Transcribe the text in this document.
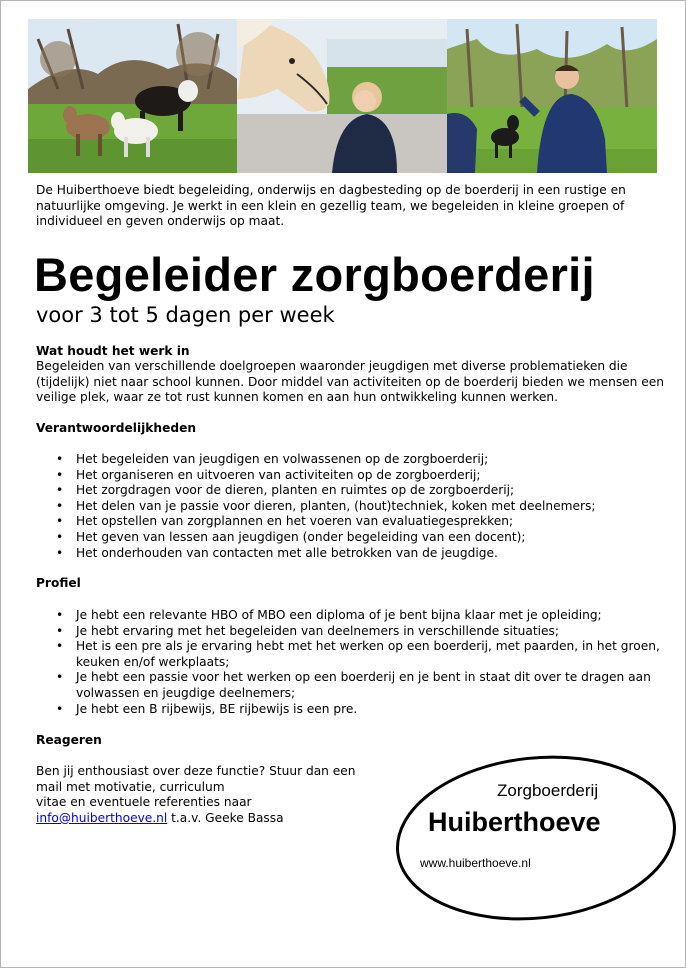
De Huiberthoeve biedt begeleiding, onderwijs en dagbesteding op de boerderij in een rustige en natuurlijke omgeving. Je werkt in een klein en gezellig team, we begeleiden in kleine groepen of individueel en geven onderwijs op maat.

Begeleider zorgboerderij
voor 3 tot 5 dagen per week
Wat houdt het werk in

Begeleiden van verschillende doelgroepen waaronder jeugdigen met diverse problematieken die (tijdelijk) niet naar school kunnen. Door middel van activiteiten op de boerderij bieden we mensen een veilige plek, waar ze tot rust kunnen komen en aan hun ontwikkeling kunnen werken.

Verantwoordelijkheden
•	Het begeleiden van jeugdigen en volwassenen op de zorgboerderij;
•	Het organiseren en uitvoeren van activiteiten op de zorgboerderij;
•	Het zorgdragen voor de dieren, planten en ruimtes op de zorgboerderij;
•	Het delen van je passie voor dieren, planten, (hout)techniek, koken met deelnemers;
•	Het opstellen van zorgplannen en het voeren van evaluatiegesprekken;
•	Het geven van lessen aan jeugdigen (onder begeleiding van een docent);
•	Het onderhouden van contacten met alle betrokken van de jeugdige.
Profiel
•	Je hebt een relevante HBO of MBO een diploma of je bent bijna klaar met je opleiding;
•	Je hebt ervaring met het begeleiden van deelnemers in verschillende situaties;
•	Het is een pre als je ervaring hebt met het werken op een boerderij, met paarden, in het groen, keuken en/of werkplaats;
•	Je hebt een passie voor het werken op een boerderij en je bent in staat dit over te dragen aan volwassen en jeugdige deelnemers;
•	Je hebt een B rijbewijs, BE rijbewijs is een pre.
Reageren
Ben jij enthousiast over deze functie? Stuur dan een
mail met motivatie, curriculum
vitae en eventuele referenties naar
info@huiberthoeve.nl t.a.v. Geeke Bassa
Zorgboerderij
Huiberthoeve
www.huiberthoeve.nl
